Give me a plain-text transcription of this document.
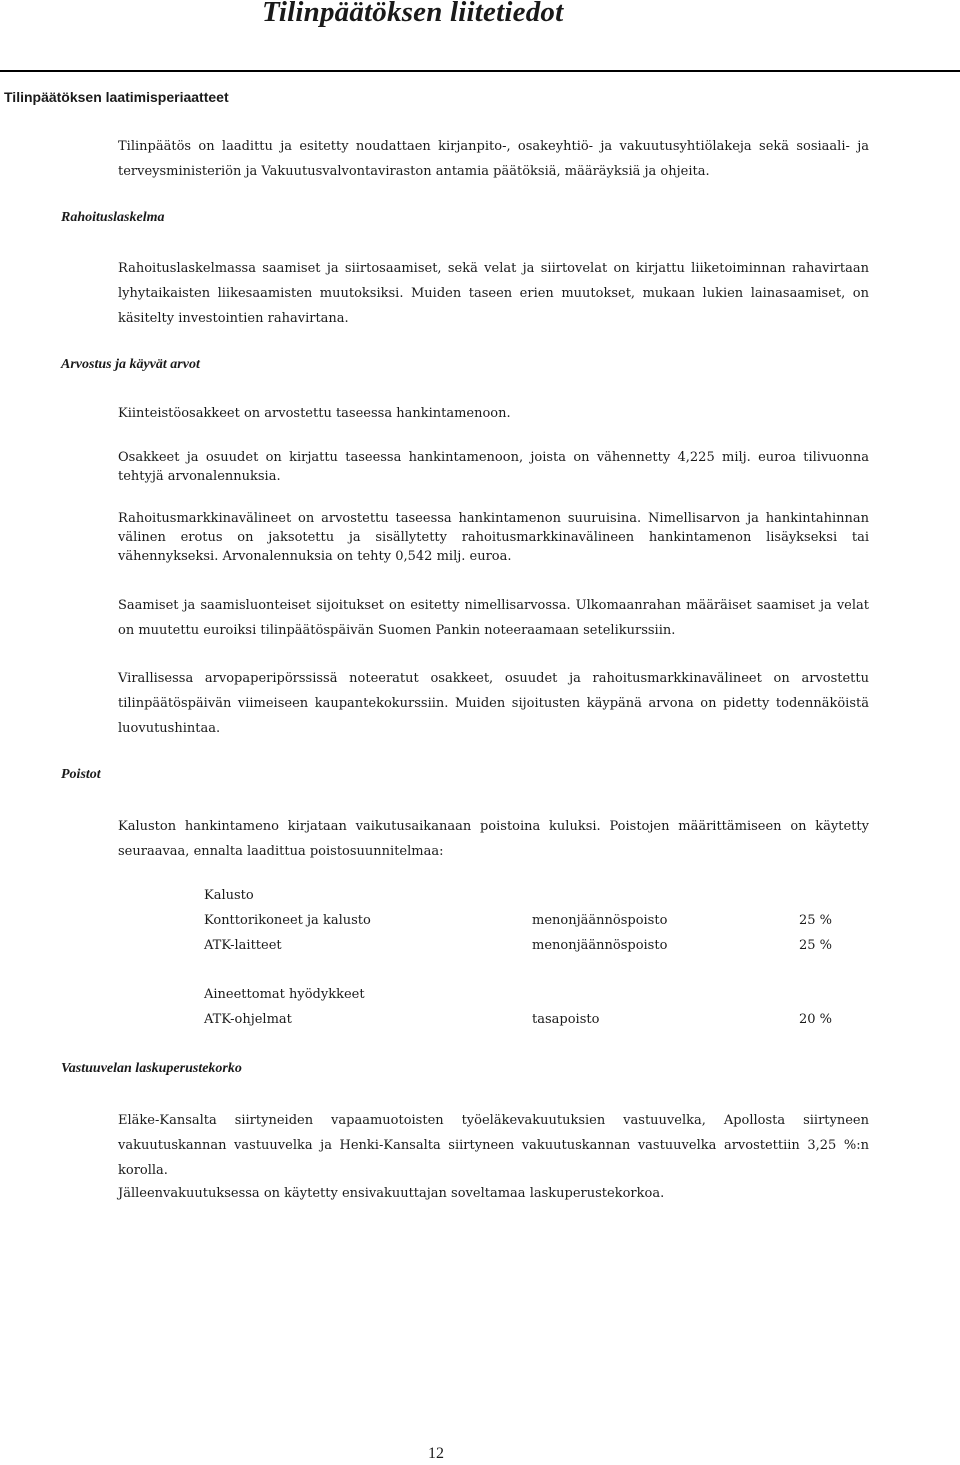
Tilinpäätöksen liitetiedot
Tilinpäätöksen laatimisperiaatteet
Tilinpäätös on laadittu ja esitetty noudattaen kirjanpito-, osakeyhtiö- ja vakuutusyhtiölakeja sekä sosiaali- ja terveysministeriön ja Vakuutusvalvontaviraston antamia päätöksiä, määräyksiä ja ohjeita.
Rahoituslaskelma
Rahoituslaskelmassa saamiset ja siirtosaamiset, sekä velat ja siirtovelat on kirjattu liiketoiminnan rahavirtaan lyhytaikaisten liikesaamisten muutoksiksi. Muiden taseen erien muutokset, mukaan lukien lainasaamiset, on käsitelty investointien rahavirtana.
Arvostus ja käyvät arvot
Kiinteistöosakkeet on arvostettu taseessa hankintamenoon.
Osakkeet ja osuudet on kirjattu taseessa hankintamenoon, joista on vähennetty 4,225 milj. euroa tilivuonna tehtyjä arvonalennuksia.
Rahoitusmarkkinavälineet on arvostettu taseessa hankintamenon suuruisina. Nimellisarvon ja hankintahinnan välinen erotus on jaksotettu ja sisällytetty rahoitusmarkkinavälineen hankintamenon lisäykseksi tai vähennykseksi. Arvonalennuksia on tehty 0,542 milj. euroa.
Saamiset ja saamisluonteiset sijoitukset on esitetty nimellisarvossa. Ulkomaanrahan määräiset saamiset ja velat on muutettu euroiksi tilinpäätöspäivän Suomen Pankin noteeraamaan setelikurssiin.
Virallisessa arvopaperipörssissä noteeratut osakkeet, osuudet ja rahoitusmarkkinavälineet on arvostettu tilinpäätöspäivän viimeiseen kaupantekokurssiin. Muiden sijoitusten käypänä arvona on pidetty todennäköistä luovutushintaa.
Poistot
Kaluston hankintameno kirjataan vaikutusaikanaan poistoina kuluksi. Poistojen määrittämiseen on käytetty seuraavaa, ennalta laadittua poistosuunnitelmaa:
Kalusto
Konttorikoneet ja kalusto	menonjäännöspoisto	25 %
ATK-laitteet	menonjäännöspoisto	25 %
Aineettomat hyödykkeet
ATK-ohjelmat	tasapoisto	20 %
Vastuuvelan laskuperustekorko
Eläke-Kansalta siirtyneiden vapaamuotoisten työeläkevakuutuksien vastuuvelka, Apollosta siirtyneen vakuutuskannan vastuuvelka ja Henki-Kansalta siirtyneen vakuutuskannan vastuuvelka arvostettiin 3,25 %:n korolla.
Jälleenvakuutuksessa on käytetty ensivakuuttajan soveltamaa laskuperustekorkoa.
12
